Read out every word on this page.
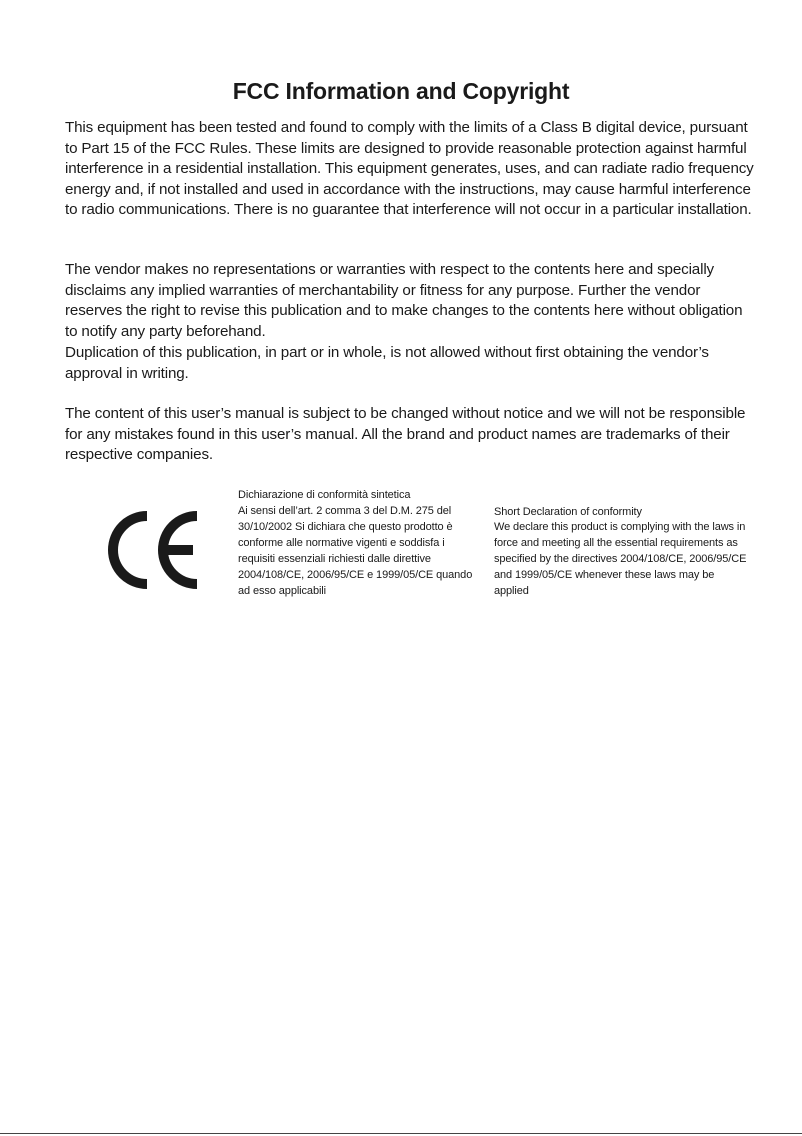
FCC Information and Copyright

This equipment has been tested and found to comply with the limits of a Class B digital device, pursuant to Part 15 of the FCC Rules. These limits are designed to provide reasonable protection against harmful interference in a residential installation. This equipment generates, uses, and can radiate radio frequency energy and, if not installed and used in accordance with the instructions, may cause harmful interference to radio communications. There is no guarantee that interference will not occur in a particular installation.

The vendor makes no representations or warranties with respect to the contents here and specially disclaims any implied warranties of merchantability or fitness for any purpose. Further the vendor reserves the right to revise this publication and to make changes to the contents here without obligation to notify any party beforehand.

Duplication of this publication, in part or in whole, is not allowed without first obtaining the vendor’s approval in writing.

The content of this user’s manual is subject to be changed without notice and we will not be responsible for any mistakes found in this user’s manual. All the brand and product names are trademarks of their respective companies.

Dichiarazione di conformità sintetica

Ai sensi dell’art. 2 comma 3 del D.M. 275 del 30/10/2002 Si dichiara che questo prodotto è conforme alle normative vigenti e soddisfa i requisiti essenziali richiesti dalle direttive 2004/108/CE, 2006/95/CE e 1999/05/CE quando ad esso applicabili

Short Declaration of conformity

We declare this product is complying with the laws in force and meeting all the essential requirements as specified by the directives 2004/108/CE, 2006/95/CE and 1999/05/CE whenever these laws may be applied
